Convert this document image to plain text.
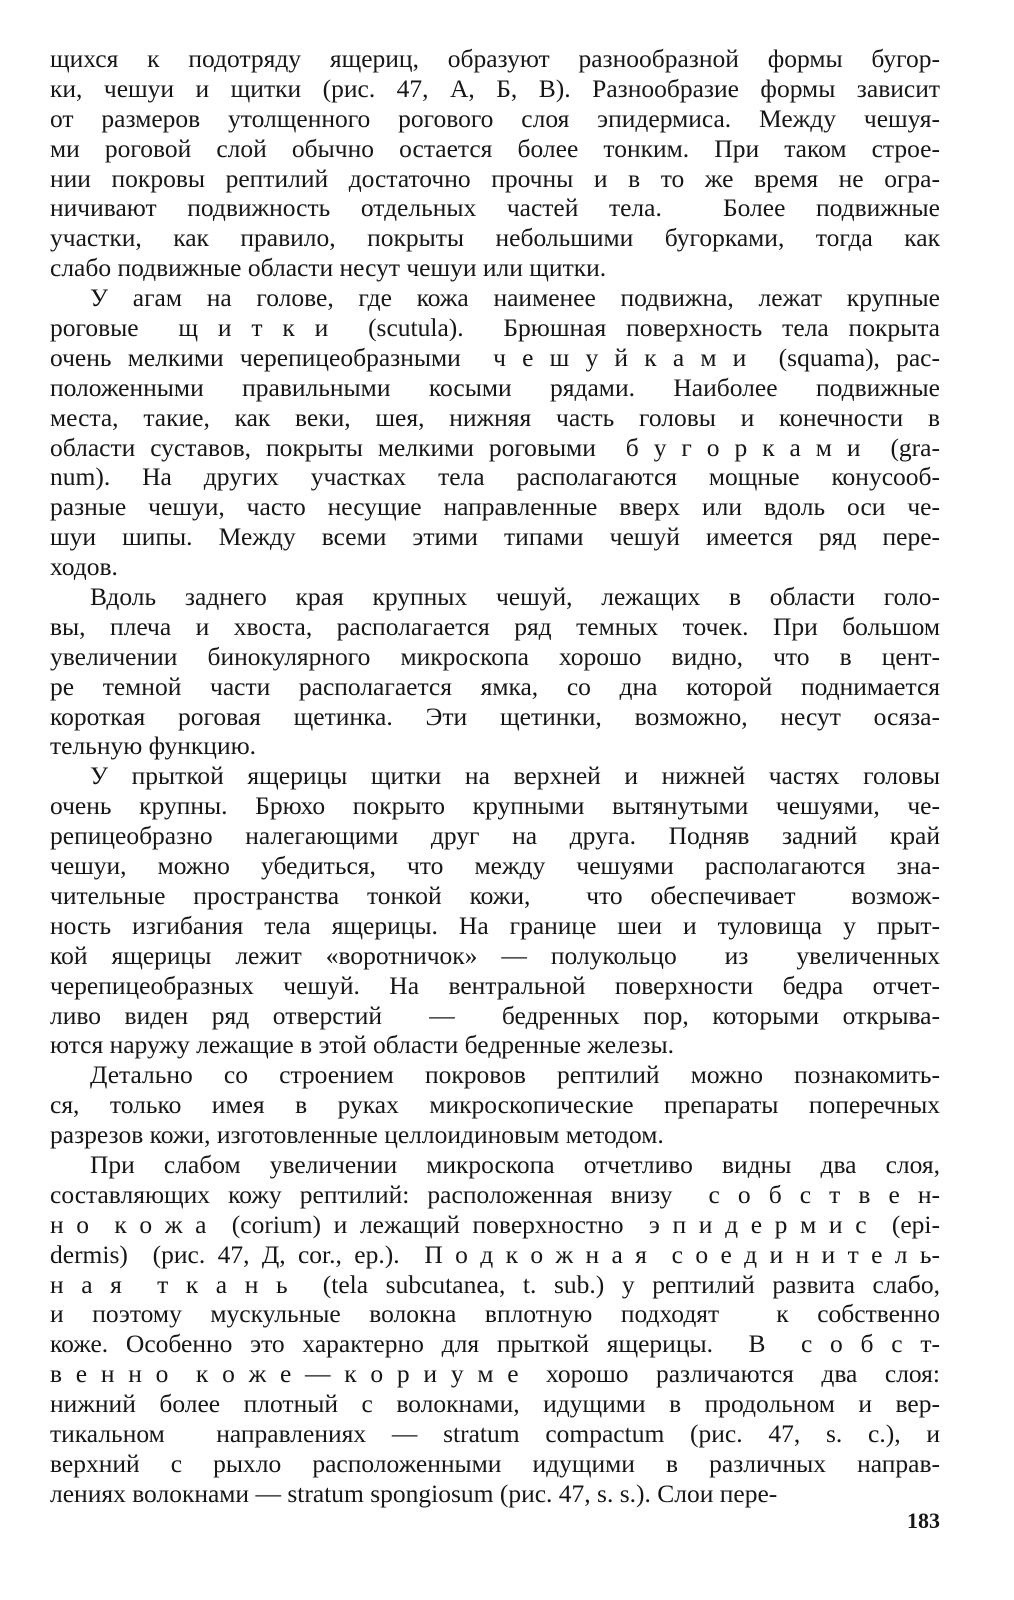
щихся к подотряду ящериц, образуют разнообразной формы бугор-
ки, чешуи и щитки (рис. 47, А, Б, В). Разнообразие формы зависит
от размеров утолщенного рогового слоя эпидермиса. Между чешуя-
ми роговой слой обычно остается более тонким. При таком строе-
нии покровы рептилий достаточно прочны и в то же время не огра-
ничивают подвижность отдельных частей тела.  Более подвижные
участки, как правило, покрыты небольшими бугорками, тогда как
слабо подвижные области несут чешуи или щитки.
У агам на голове, где кожа наименее подвижна, лежат крупные
роговые  щ и т к и  (scutula).  Брюшная поверхность тела покрыта
очень мелкими черепицеобразными  ч е ш у й к а м и  (squama), рас-
положенными правильными косыми рядами. Наиболее подвижные
места, такие, как веки, шея, нижняя часть головы и конечности в
области суставов, покрыты мелкими роговыми  б у г о р к а м и  (gra-
num). На других участках тела располагаются мощные конусооб-
разные чешуи, часто несущие направленные вверх или вдоль оси че-
шуи шипы. Между всеми этими типами чешуй имеется ряд пере-
ходов.
Вдоль заднего края крупных чешуй, лежащих в области голо-
вы, плеча и хвоста, располагается ряд темных точек. При большом
увеличении бинокулярного микроскопа хорошо видно, что в цент-
ре темной части располагается ямка, со дна которой поднимается
короткая роговая щетинка. Эти щетинки, возможно, несут осяза-
тельную функцию.
У прыткой ящерицы щитки на верхней и нижней частях головы
очень крупны. Брюхо покрыто крупными вытянутыми чешуями, че-
репицеобразно налегающими друг на друга. Подняв задний край
чешуи, можно убедиться, что между чешуями располагаются зна-
чительные пространства тонкой кожи,  что обеспечивает  возмож-
ность изгибания тела ящерицы. На границе шеи и туловища у прыт-
кой ящерицы лежит «воротничок» — полукольцо  из  увеличенных
черепицеобразных чешуй. На вентральной поверхности бедра отчет-
ливо виден ряд отверстий  —  бедренных пор, которыми открыва-
ются наружу лежащие в этой области бедренные железы.
Детально со строением покровов рептилий можно познакомить-
ся, только имея в руках микроскопические препараты поперечных
разрезов кожи, изготовленные целлоидиновым методом.
При слабом увеличении микроскопа отчетливо видны два слоя,
составляющих кожу рептилий: расположенная внизу  с о б с т в е н-
н о  к о ж а  (corium) и лежащий поверхностно  э п и д е р м и с  (epi-
dermis)  (рис. 47, Д, cor., ер.).  П о д к о ж н а я  с о е д и н и т е л ь-
н а я  т к а н ь  (tela subcutanea, t. sub.) у рептилий развита слабо,
и поэтому мускульные волокна вплотную подходят  к собственно
коже. Особенно это характерно для прыткой ящерицы.  В  с о б с т-
в е н н о  к о ж е — к о р и у м е  хорошо  различаются  два  слоя:
нижний более плотный с волокнами, идущими в продольном и вер-
тикальном  направлениях — stratum compactum (рис. 47, s. с.), и
верхний с рыхло расположенными идущими в различных направ-
лениях волокнами — stratum spongiosum (рис. 47, s. s.). Слои пере-
183
